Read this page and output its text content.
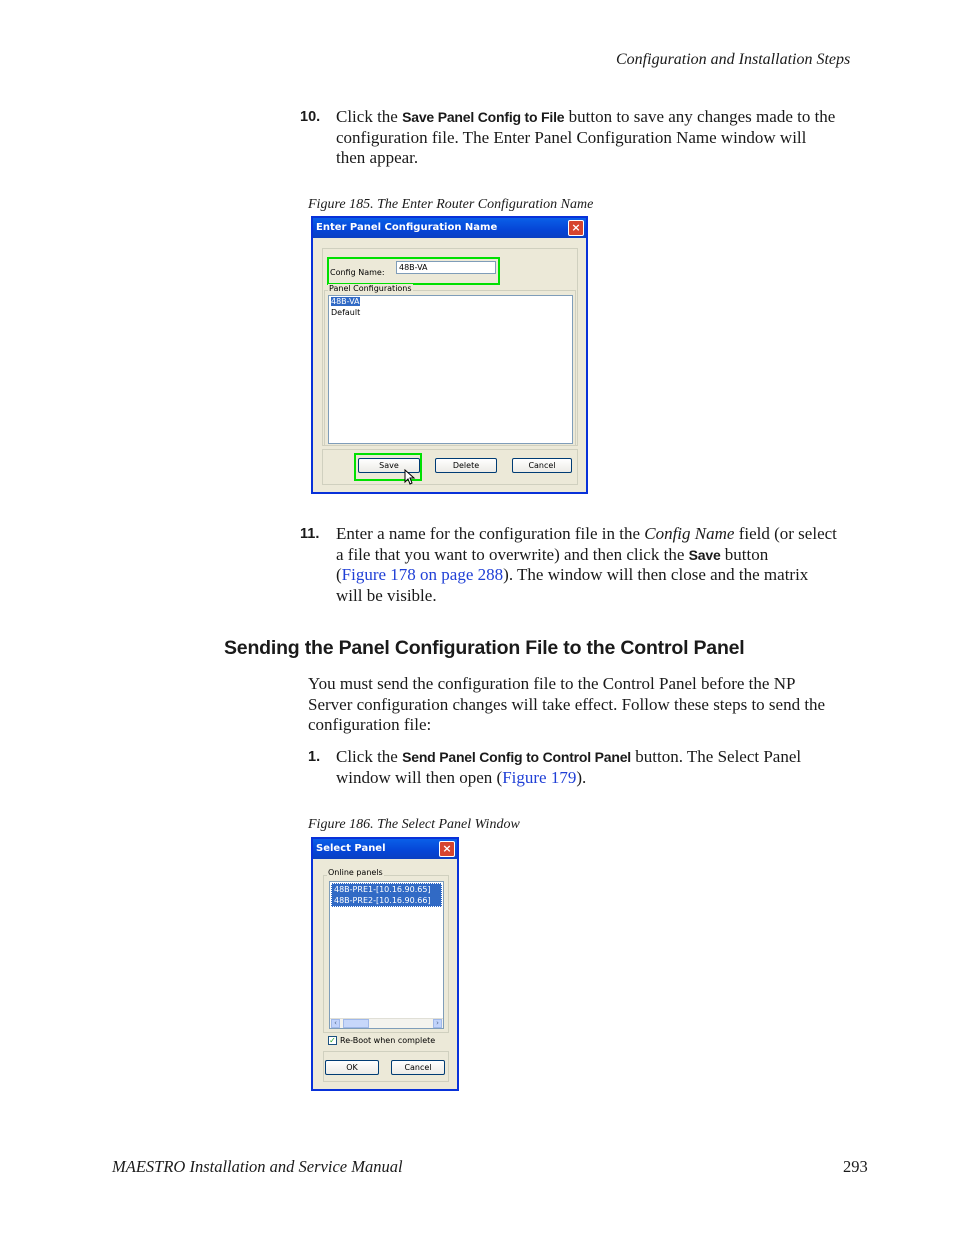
Configuration and Installation Steps
10. Click the Save Panel Config to File button to save any changes made to the
configuration file. The Enter Panel Configuration Name window will
then appear.
Figure 185. The Enter Router Configuration Name
Enter Panel Configuration Name	×
Config Name:
48B-VA
Panel Configurations
48B-VA
Default
Save	Delete	Cancel
11. Enter a name for the configuration file in the Config Name field (or select
a file that you want to overwrite) and then click the Save button
(Figure 178 on page 288). The window will then close and the matrix
will be visible.
Sending the Panel Configuration File to the Control Panel
You must send the configuration file to the Control Panel before the NP
Server configuration changes will take effect. Follow these steps to send the
configuration file:
1. Click the Send Panel Config to Control Panel button. The Select Panel
window will then open (Figure 179).
Figure 186. The Select Panel Window
Select Panel	×
Online panels
48B-PRE1-[10.16.90.65]
48B-PRE2-[10.16.90.66]
‹	›
✓ Re-Boot when complete
OK	Cancel
MAESTRO Installation and Service Manual	293
